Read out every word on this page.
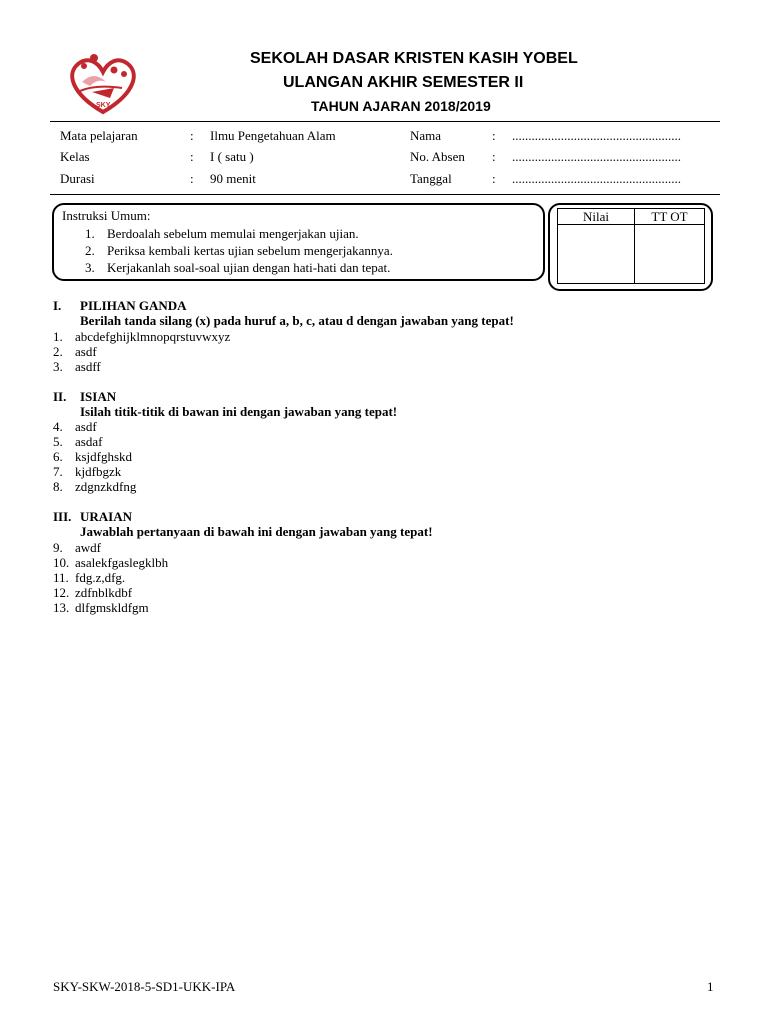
SKY
SEKOLAH DASAR KRISTEN KASIH YOBEL
ULANGAN AKHIR SEMESTER II
TAHUN AJARAN 2018/2019
Mata pelajaran	: Ilmu Pengetahuan Alam	Nama	: ....................................................
Kelas	: I ( satu )	No. Absen : ....................................................
Durasi	: 90 menit	Tanggal	: ....................................................
Instruksi Umum:
1. Berdoalah sebelum memulai mengerjakan ujian.
2. Periksa kembali kertas ujian sebelum mengerjakannya.
3. Kerjakanlah soal-soal ujian dengan hati-hati dan tepat.
Nilai	TT OT

I. PILIHAN GANDA
Berilah tanda silang (x) pada huruf a, b, c, atau d dengan jawaban yang tepat!
1. abcdefghijklmnopqrstuvwxyz
2. asdf
3. asdff
II. ISIAN
Isilah titik-titik di bawan ini dengan jawaban yang tepat!
4. asdf
5. asdaf
6. ksjdfghskd
7. kjdfbgzk
8. zdgnzkdfng
III. URAIAN
Jawablah pertanyaan di bawah ini dengan jawaban yang tepat!
9. awdf
10. asalekfgaslegklbh
11. fdg.z,dfg.
12. zdfnblkdbf
13. dlfgmskldfgm
SKY-SKW-2018-5-SD1-UKK-IPA	1
